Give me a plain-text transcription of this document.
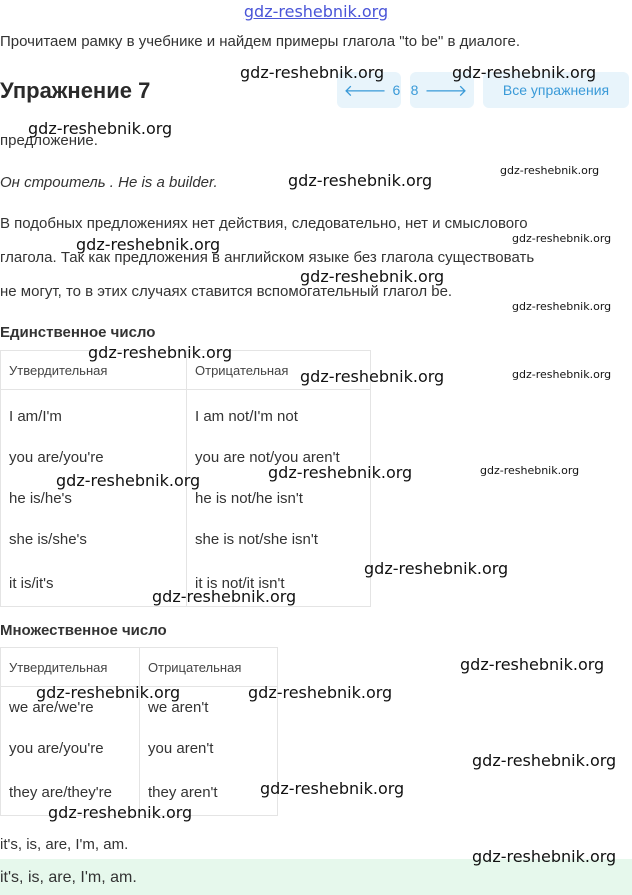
gdz-reshebnik.org
Прочитаем рамку в учебнике и найдем примеры глагола "to be" в диалоге.
Упражнение 7	🡐 6 8 🡒	Все упражнения
предложение.
Он строитель . He is a builder.
В подобных предложениях нет действия, следовательно, нет и смыслового
глагола. Так как предложения в английском языке без глагола существовать
не могут, то в этих случаях ставится вспомогательный глагол be.
Единственное число
Утвердительная	Отрицательная
I am/I'm	I am not/I'm not
you are/you're	you are not/you aren't
he is/he's	he is not/he isn't
she is/she's	she is not/she isn't
it is/it's	it is not/it isn't
Множественное число
Утвердительная	Отрицательная
we are/we're	we aren't
you are/you're	you aren't
they are/they're	they aren't
it's, is, are, I'm, am.
it's, is, are, I'm, am.
gdz-reshebnik.org	gdz-reshebnik.org
gdz-reshebnik.org
gdz-reshebnik.org
gdz-reshebnik.org
gdz-reshebnik.org
gdz-reshebnik.org
gdz-reshebnik.org
gdz-reshebnik.org
gdz-reshebnik.org
gdz-reshebnik.org	gdz-reshebnik.org
gdz-reshebnik.org	gdz-reshebnik.org
gdz-reshebnik.org
gdz-reshebnik.org
gdz-reshebnik.org
gdz-reshebnik.org
gdz-reshebnik.org	gdz-reshebnik.org
gdz-reshebnik.org
gdz-reshebnik.org
gdz-reshebnik.org
gdz-reshebnik.org
